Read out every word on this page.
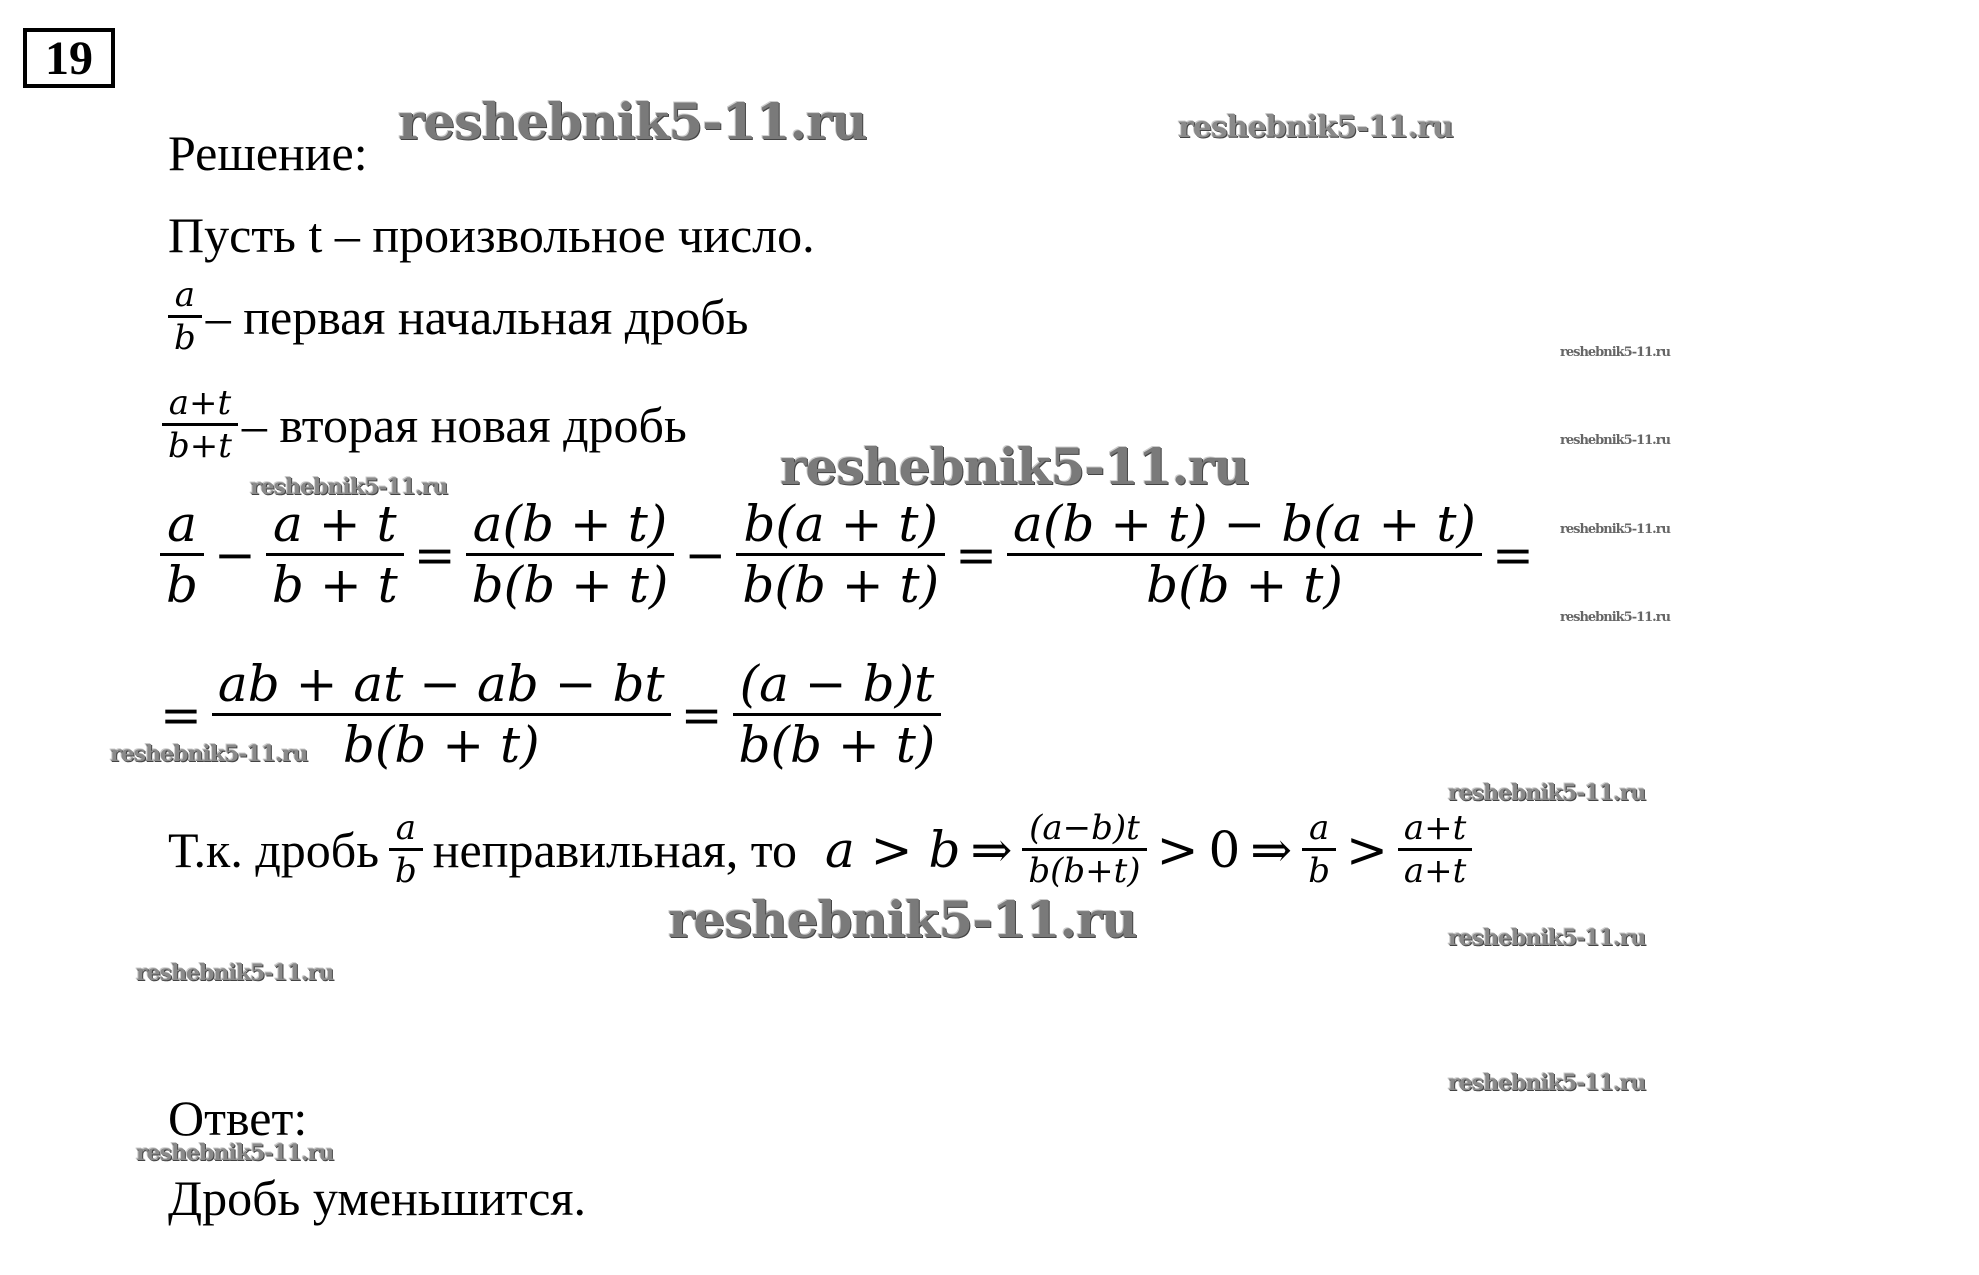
19
Решение:
Пусть t – произвольное число.
$\frac{a}{b}$ – первая начальная дробь
$\frac{a+t}{b+t}$ – вторая новая дробь
$\frac{a}{b} - \frac{a + t}{b + t} = \frac{a(b + t)}{b(b + t)} - \frac{b(a + t)}{b(b + t)} = \frac{a(b + t) - b(a + t)}{b(b + t)}$ =
= $\frac{ab + at - ab - bt}{b(b + t)} = \frac{(a - b)t}{b(b + t)}$
Т.к. дробь $\frac{a}{b}$ неправильная, то a > b ⇒ $\frac{(a-b)t}{b(b+t)} > 0$ ⇒ $\frac{a}{b} > \frac{a+t}{a+t}$
Ответ:
Дробь уменьшится.
reshebnik5-11.ru	reshebnik5-11.ru
reshebnik5-11.ru
reshebnik5-11.ru
reshebnik5-11.ru
reshebnik5-11.ru
reshebnik5-11.ru
reshebnik5-11.ru
reshebnik5-11.ru
reshebnik5-11.ru
reshebnik5-11.ru	reshebnik5-11.ru
reshebnik5-11.ru
reshebnik5-11.ru
reshebnik5-11.ru
